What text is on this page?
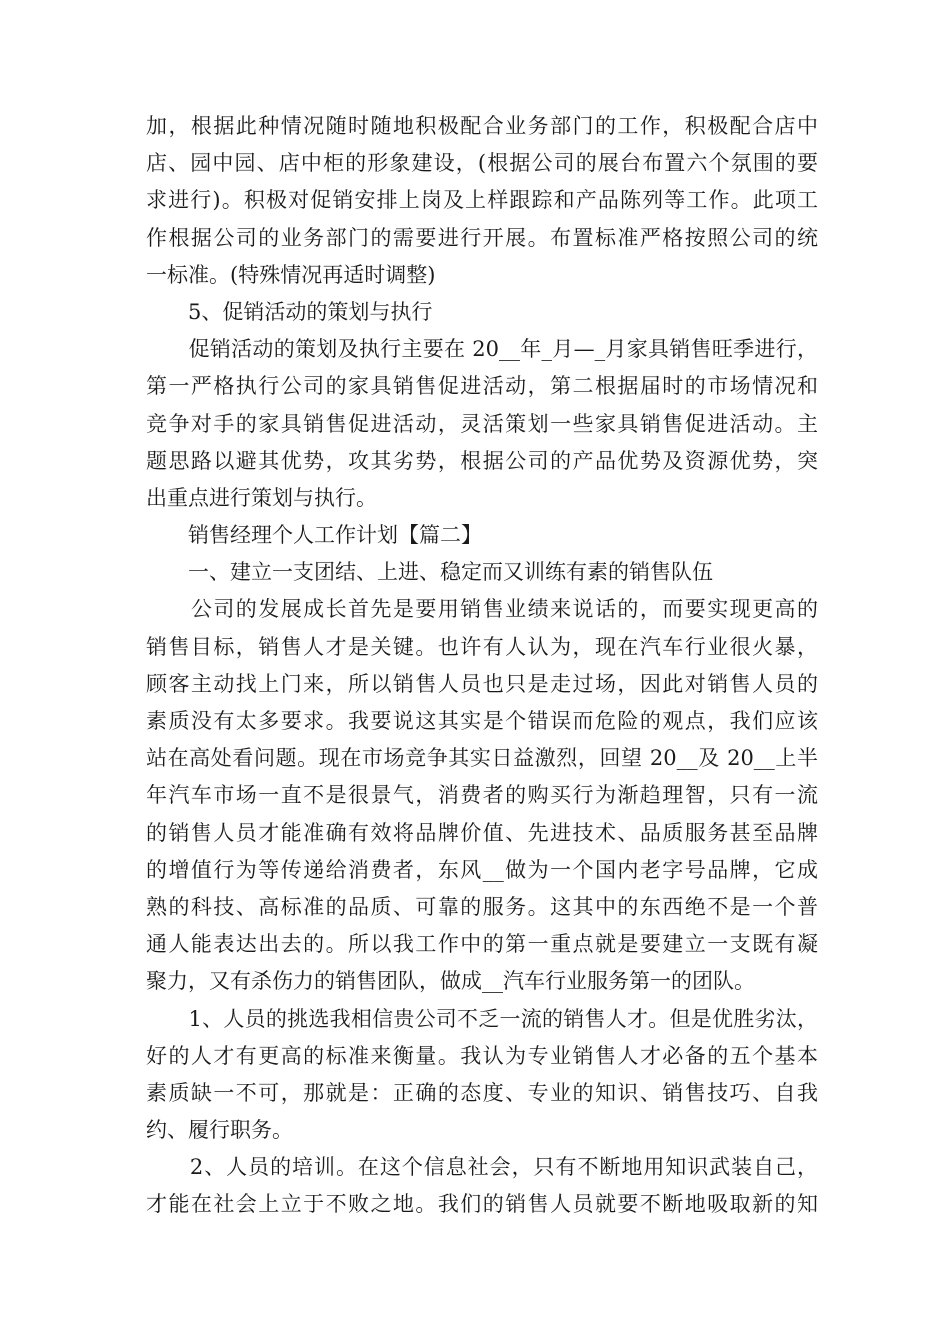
加，根据此种情况随时随地积极配合业务部门的工作，积极配合店中
店、园中园、店中柜的形象建设，(根据公司的展台布置六个氛围的要
求进行)。积极对促销安排上岗及上样跟踪和产品陈列等工作。此项工
作根据公司的业务部门的需要进行开展。布置标准严格按照公司的统
一标准。(特殊情况再适时调整)
　　5、促销活动的策划与执行
　　促销活动的策划及执行主要在 20__年_月—_月家具销售旺季进行，
第一严格执行公司的家具销售促进活动，第二根据届时的市场情况和
竞争对手的家具销售促进活动，灵活策划一些家具销售促进活动。主
题思路以避其优势，攻其劣势，根据公司的产品优势及资源优势，突
出重点进行策划与执行。
　　销售经理个人工作计划【篇二】
　　一、建立一支团结、上进、稳定而又训练有素的销售队伍
　　公司的发展成长首先是要用销售业绩来说话的，而要实现更高的
销售目标，销售人才是关键。也许有人认为，现在汽车行业很火暴，
顾客主动找上门来，所以销售人员也只是走过场，因此对销售人员的
素质没有太多要求。我要说这其实是个错误而危险的观点，我们应该
站在高处看问题。现在市场竞争其实日益激烈，回望 20__及 20__上半
年汽车市场一直不是很景气，消费者的购买行为渐趋理智，只有一流
的销售人员才能准确有效将品牌价值、先进技术、品质服务甚至品牌
的增值行为等传递给消费者，东风__做为一个国内老字号品牌，它成
熟的科技、高标准的品质、可靠的服务。这其中的东西绝不是一个普
通人能表达出去的。所以我工作中的第一重点就是要建立一支既有凝
聚力，又有杀伤力的销售团队，做成__汽车行业服务第一的团队。
　　1、人员的挑选我相信贵公司不乏一流的销售人才。但是优胜劣汰，
好的人才有更高的标准来衡量。我认为专业销售人才必备的五个基本
素质缺一不可，那就是：正确的态度、专业的知识、销售技巧、自我
约、履行职务。
　　2、人员的培训。在这个信息社会，只有不断地用知识武装自己，
才能在社会上立于不败之地。我们的销售人员就要不断地吸取新的知
